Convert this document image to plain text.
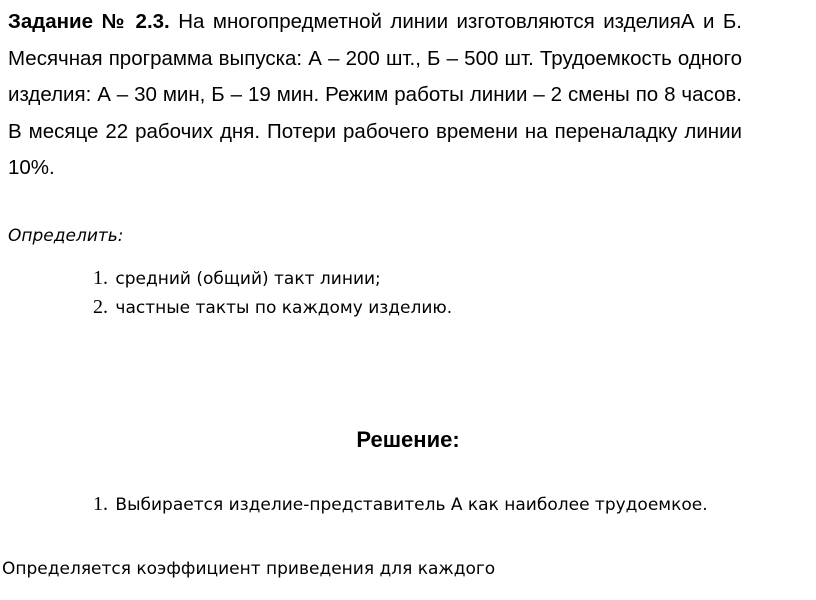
Задание № 2.3. На многопредметной линии изготовляются изделияА и Б. Месячная программа выпуска: А – 200 шт., Б – 500 шт. Трудоемкость одного изделия: А – 30 мин, Б – 19 мин. Режим работы линии – 2 смены по 8 часов. В месяце 22 рабочих дня. Потери рабочего времени на переналадку линии 10%.
Определить:
1. средний (общий) такт линии;
2. частные такты по каждому изделию.
Решение:
1. Выбирается изделие-представитель А как наиболее трудоемкое.
Определяется коэффициент приведения для каждого
